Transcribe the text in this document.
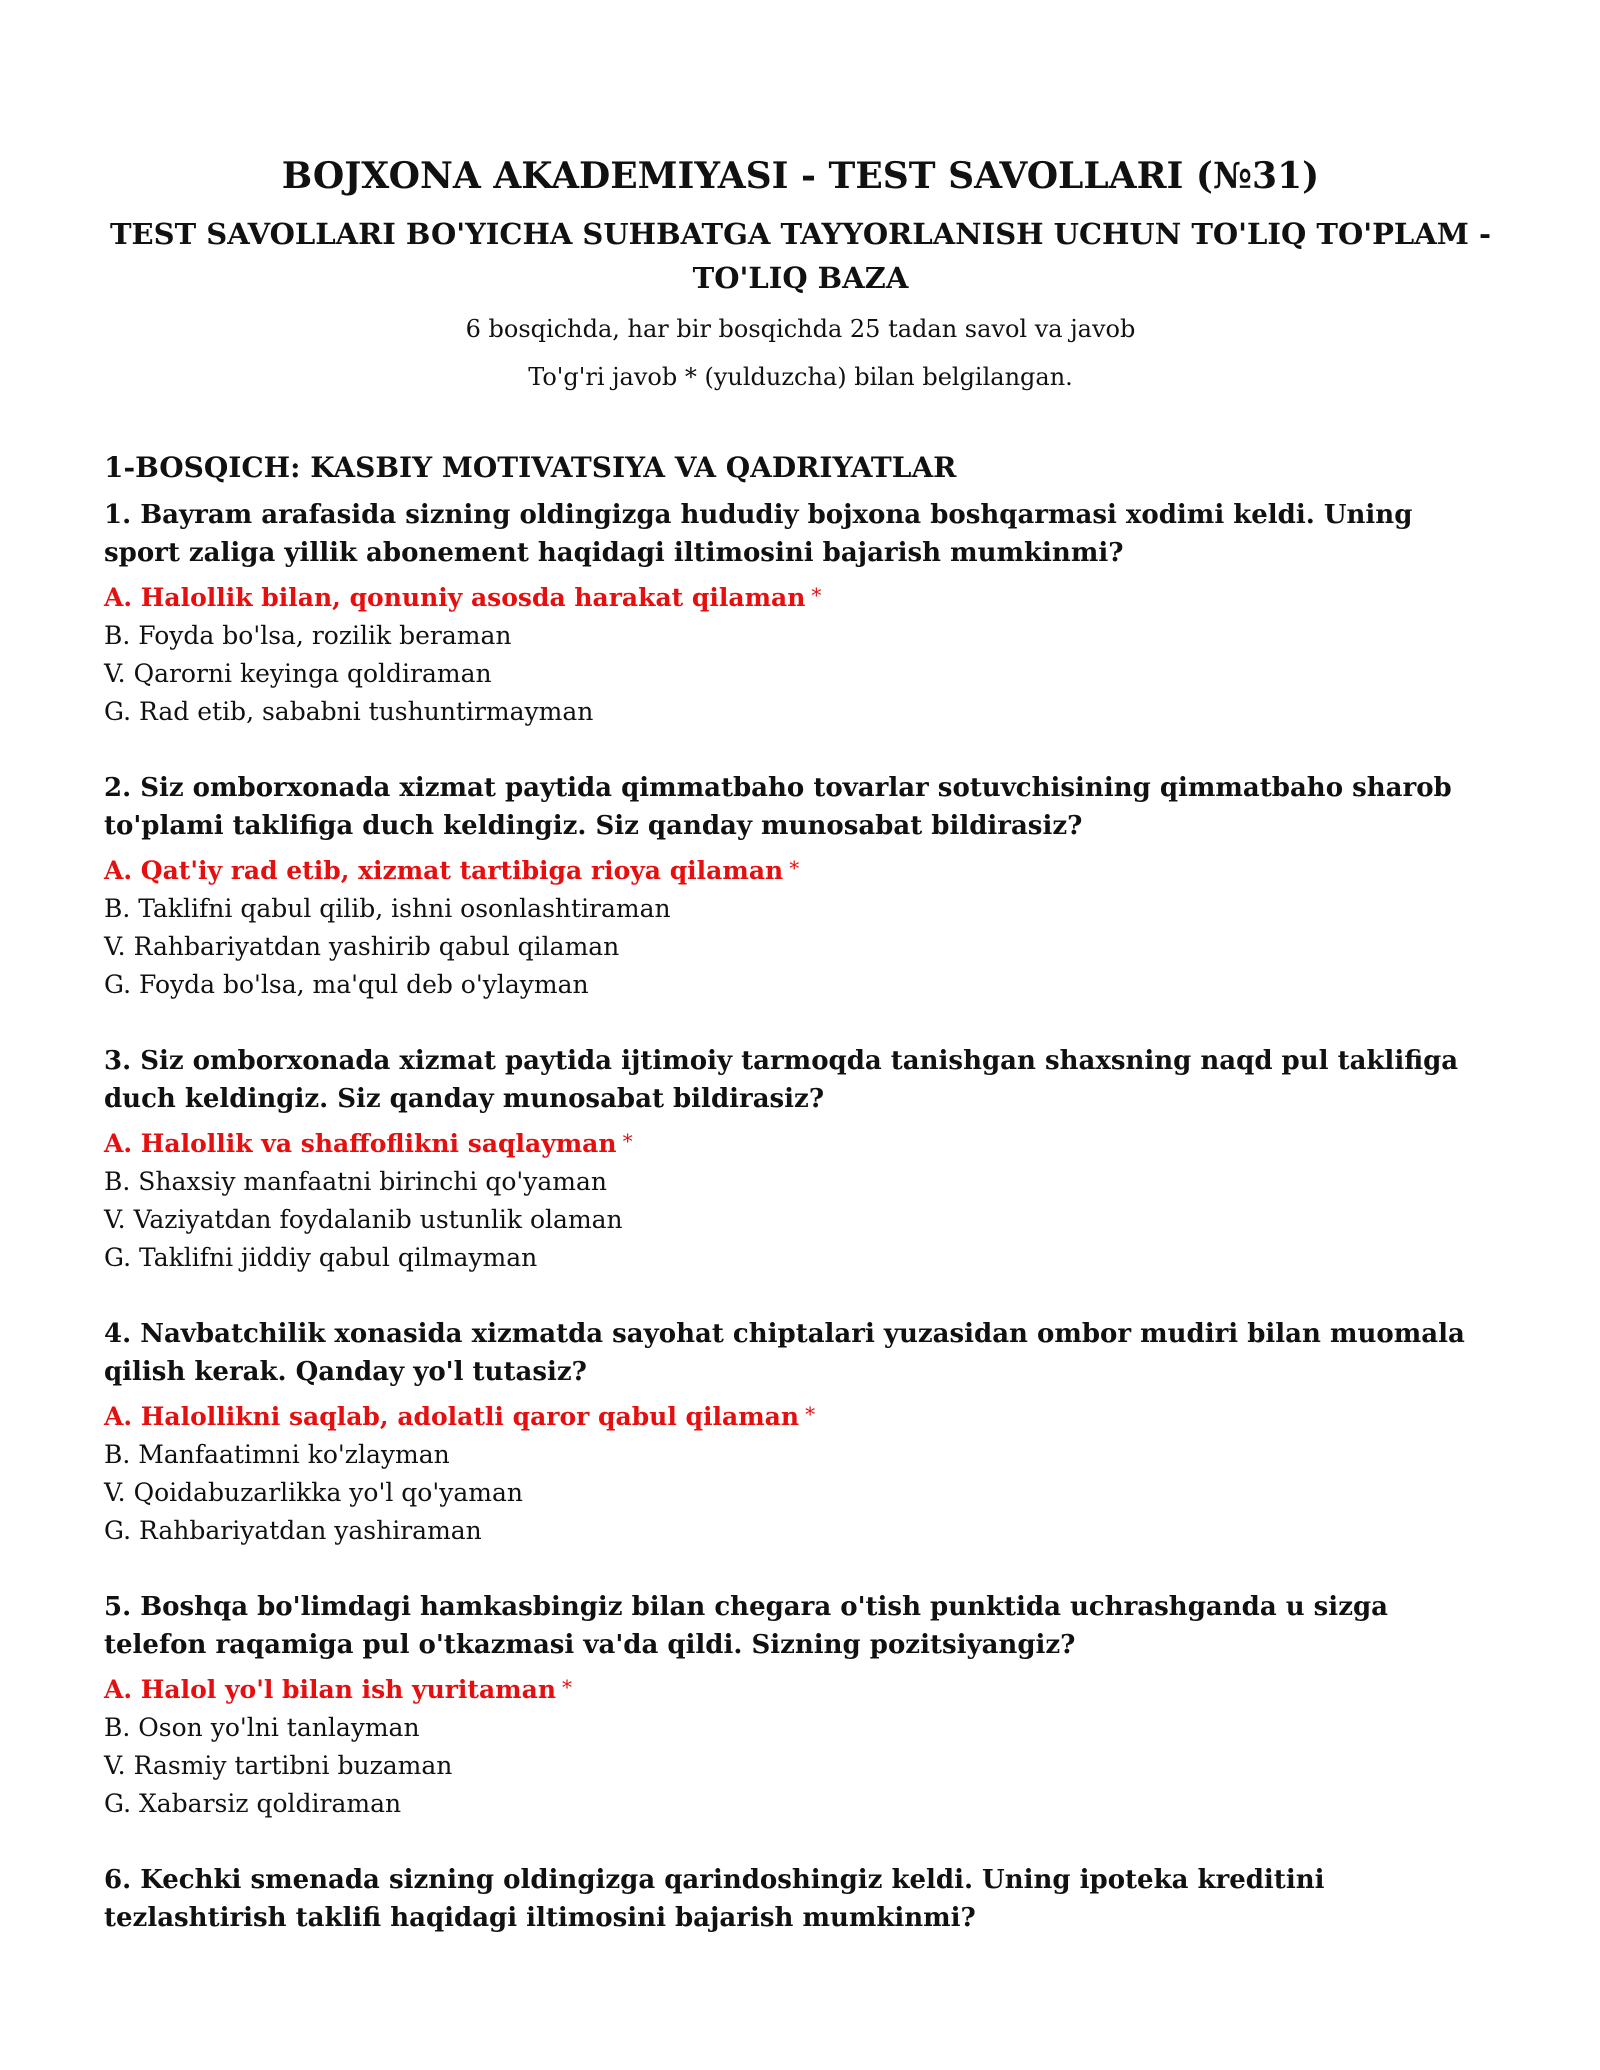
BOJXONA AKADEMIYASI - TEST SAVOLLARI (№31)
TEST SAVOLLARI BO'YICHA SUHBATGA TAYYORLANISH UCHUN TO'LIQ TO'PLAM - TO'LIQ BAZA

6 bosqichda, har bir bosqichda 25 tadan savol va javob

To'g'ri javob * (yulduzcha) bilan belgilangan.

1-BOSQICH: KASBIY MOTIVATSIYA VA QADRIYATLAR
1. Bayram arafasida sizning oldingizga hududiy bojxona boshqarmasi xodimi keldi. Uning sport zaliga yillik abonement haqidagi iltimosini bajarish mumkinmi?
A. Halollik bilan, qonuniy asosda harakat qilaman *
B. Foyda bo'lsa, rozilik beraman
V. Qarorni keyinga qoldiraman
G. Rad etib, sababni tushuntirmayman
2. Siz omborxonada xizmat paytida qimmatbaho tovarlar sotuvchisining qimmatbaho sharob to'plami taklifiga duch keldingiz. Siz qanday munosabat bildirasiz?
A. Qat'iy rad etib, xizmat tartibiga rioya qilaman *
B. Taklifni qabul qilib, ishni osonlashtiraman
V. Rahbariyatdan yashirib qabul qilaman
G. Foyda bo'lsa, ma'qul deb o'ylayman
3. Siz omborxonada xizmat paytida ijtimoiy tarmoqda tanishgan shaxsning naqd pul taklifiga duch keldingiz. Siz qanday munosabat bildirasiz?
A. Halollik va shaffoflikni saqlayman *
B. Shaxsiy manfaatni birinchi qo'yaman
V. Vaziyatdan foydalanib ustunlik olaman
G. Taklifni jiddiy qabul qilmayman
4. Navbatchilik xonasida xizmatda sayohat chiptalari yuzasidan ombor mudiri bilan muomala qilish kerak. Qanday yo'l tutasiz?
A. Halollikni saqlab, adolatli qaror qabul qilaman *
B. Manfaatimni ko'zlayman
V. Qoidabuzarlikka yo'l qo'yaman
G. Rahbariyatdan yashiraman
5. Boshqa bo'limdagi hamkasbingiz bilan chegara o'tish punktida uchrashganda u sizga telefon raqamiga pul o'tkazmasi va'da qildi. Sizning pozitsiyangiz?
A. Halol yo'l bilan ish yuritaman *
B. Oson yo'lni tanlayman
V. Rasmiy tartibni buzaman
G. Xabarsiz qoldiraman
6. Kechki smenada sizning oldingizga qarindoshingiz keldi. Uning ipoteka kreditini tezlashtirish taklifi haqidagi iltimosini bajarish mumkinmi?
